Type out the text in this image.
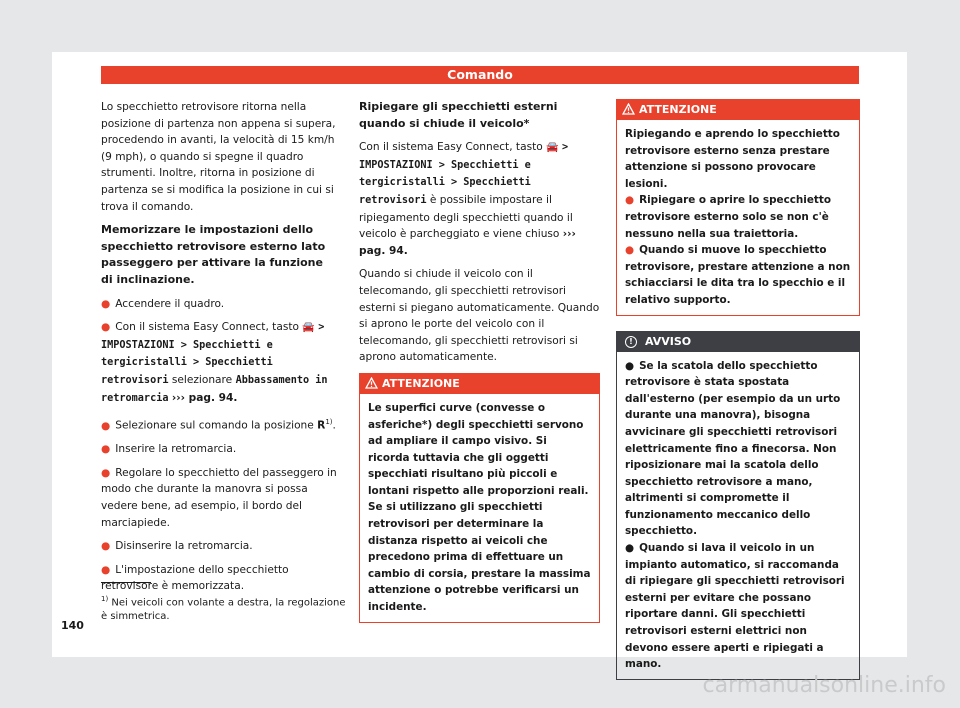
Comando

Lo specchietto retrovisore ritorna nella posizione di partenza non appena si supera, procedendo in avanti, la velocità di 15 km/h (9 mph), o quando si spegne il quadro strumenti. Inoltre, ritorna in posizione di partenza se si modifica la posizione in cui si trova il comando.

Memorizzare le impostazioni dello specchietto retrovisore esterno lato passeggero per attivare la funzione di inclinazione.

● Accendere il quadro.

● Con il sistema Easy Connect, tasto 🚘 > IMPOSTAZIONI > Specchietti e tergicristalli > Specchietti retrovisori selezionare Abbassamento in retromarcia ››› pag. 94.

● Selezionare sul comando la posizione $R^{1)}$.

● Inserire la retromarcia.

● Regolare lo specchietto del passeggero in modo che durante la manovra si possa vedere bene, ad esempio, il bordo del marciapiede.

● Disinserire la retromarcia.

● L'impostazione dello specchietto retrovisore è memorizzata.

Ripiegare gli specchietti esterni quando si chiude il veicolo*

Con il sistema Easy Connect, tasto 🚘 > IMPOSTAZIONI > Specchietti e tergicristalli > Specchietti retrovisori è possibile impostare il ripiegamento degli specchietti quando il veicolo è parcheggiato e viene chiuso ››› pag. 94.

Quando si chiude il veicolo con il telecomando, gli specchietti retrovisori esterni si piegano automaticamente. Quando si aprono le porte del veicolo con il telecomando, gli specchietti retrovisori si aprono automaticamente.

ATTENZIONE
Le superfici curve (convesse o asferiche*) degli specchietti servono ad ampliare il campo visivo. Si ricorda tuttavia che gli oggetti specchiati risultano più piccoli e lontani rispetto alle proporzioni reali. Se si utilizzano gli specchietti retrovisori per determinare la distanza rispetto ai veicoli che precedono prima di effettuare un cambio di corsia, prestare la massima attenzione o potrebbe verificarsi un incidente.
ATTENZIONE
Ripiegando e aprendo lo specchietto retrovisore esterno senza prestare attenzione si possono provocare lesioni.
● Ripiegare o aprire lo specchietto retrovisore esterno solo se non c'è nessuno nella sua traiettoria.
● Quando si muove lo specchietto retrovisore, prestare attenzione a non schiacciarsi le dita tra lo specchio e il relativo supporto.
!	AVVISO
● Se la scatola dello specchietto retrovisore è stata spostata dall'esterno (per esempio da un urto durante una manovra), bisogna avvicinare gli specchietti retrovisori elettricamente fino a finecorsa. Non riposizionare mai la scatola dello specchietto retrovisore a mano, altrimenti si compromette il funzionamento meccanico dello specchietto.
● Quando si lava il veicolo in un impianto automatico, si raccomanda di ripiegare gli specchietti retrovisori esterni per evitare che possano riportare danni. Gli specchietti retrovisori esterni elettrici non devono essere aperti e ripiegati a mano.
$^{1)}$ Nei veicoli con volante a destra, la regolazione è simmetrica.
140
carmanualsonline.info
